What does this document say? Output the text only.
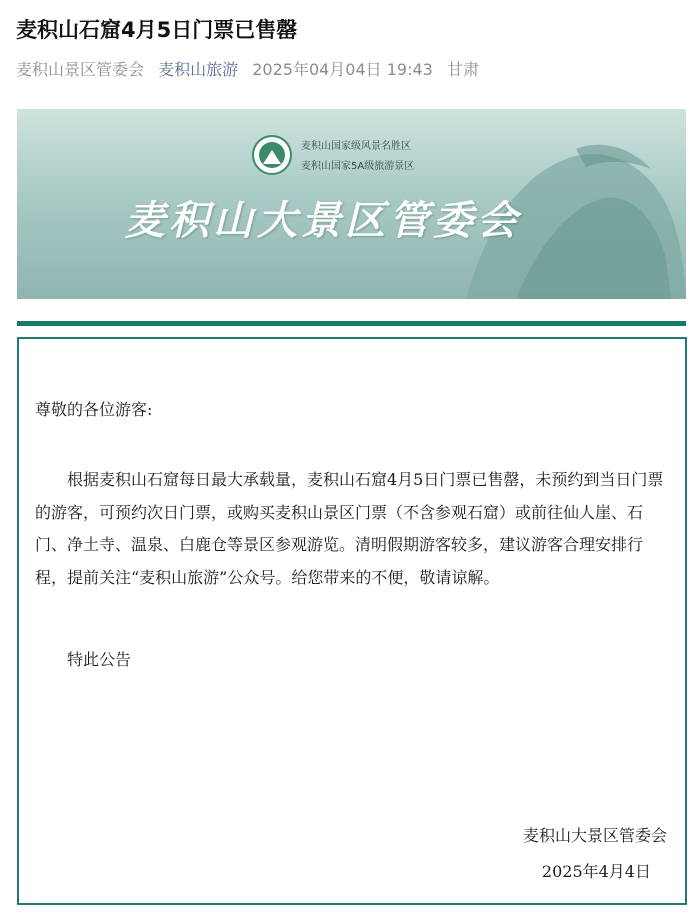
麦积山石窟4月5日门票已售罄
麦积山景区管委会 麦积山旅游 2025年04月04日 19:43 甘肃
麦积山国家级风景名胜区
麦积山国家5A级旅游景区
麦积山大景区管委会

尊敬的各位游客:

根据麦积山石窟每日最大承载量，麦积山石窟4月5日门票已售罄，未预约到当日门票的游客，可预约次日门票，或购买麦积山景区门票（不含参观石窟）或前往仙人崖、石门、净土寺、温泉、白鹿仓等景区参观游览。清明假期游客较多，建议游客合理安排行程，提前关注“麦积山旅游”公众号。给您带来的不便，敬请谅解。

特此公告

麦积山大景区管委会

2025年4月4日
